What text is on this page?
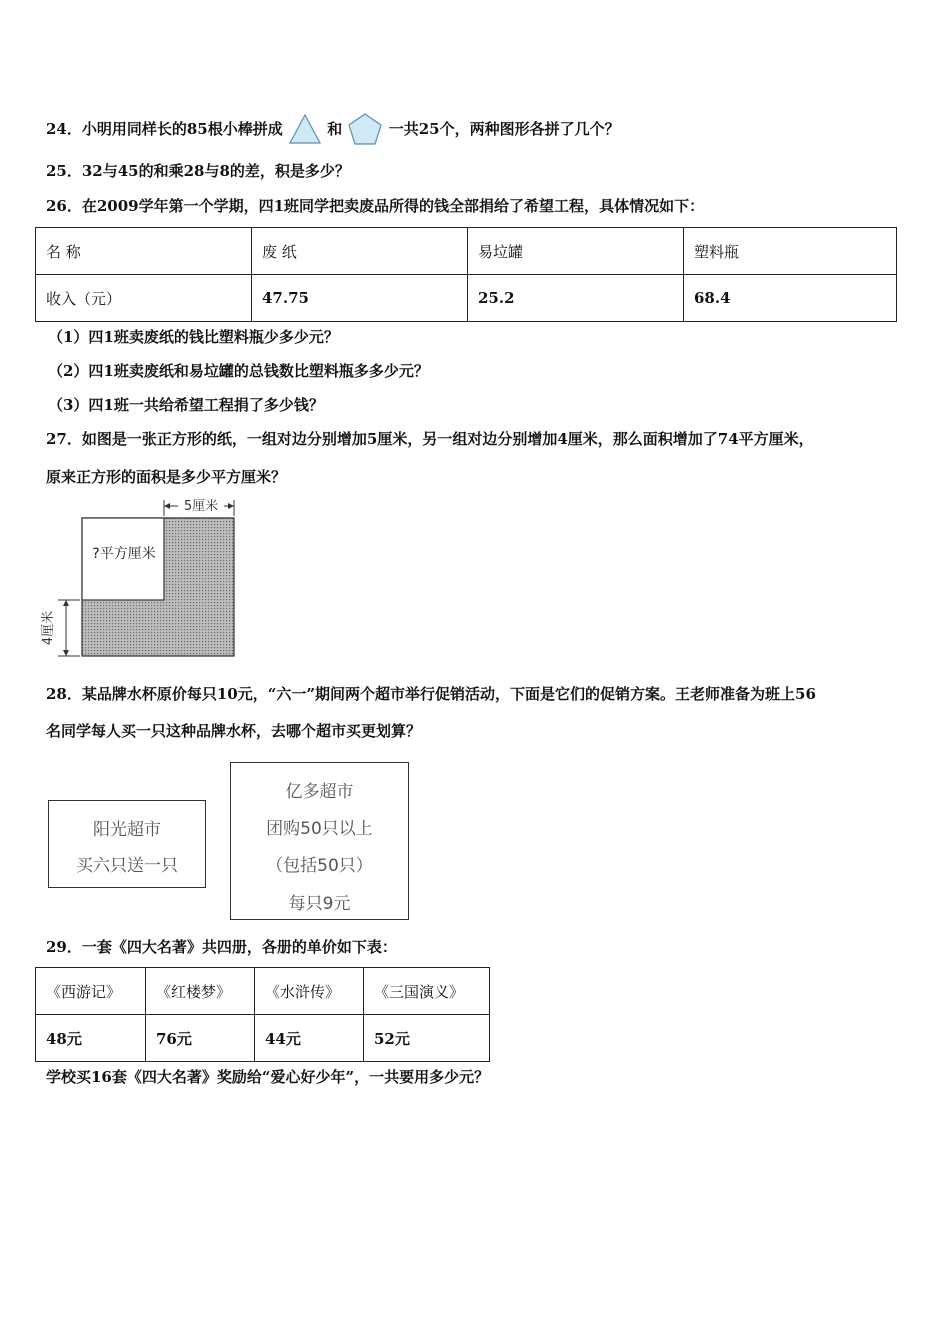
24．小明用同样长的85根小棒拼成	和	一共25个，两种图形各拼了几个？
25．32与45的和乘28与8的差，积是多少？
26．在2009学年第一个学期，四1班同学把卖废品所得的钱全部捐给了希望工程，具体情况如下：
名 称	废 纸	易垃罐	塑料瓶
收入（元）	47.75	25.2	68.4
（1）四1班卖废纸的钱比塑料瓶少多少元？
（2）四1班卖废纸和易垃罐的总钱数比塑料瓶多多少元？
（3）四1班一共给希望工程捐了多少钱？
27．如图是一张正方形的纸，一组对边分别增加5厘米，另一组对边分别增加4厘米，那么面积增加了74平方厘米，
原来正方形的面积是多少平方厘米？
5厘米
?平方厘米
4厘米
28．某品牌水杯原价每只10元，“六一”期间两个超市举行促销活动，下面是它们的促销方案。王老师准备为班上56
名同学每人买一只这种品牌水杯，去哪个超市买更划算？
阳光超市
买六只送一只
亿多超市
团购50只以上
（包括50只）
每只9元
29．一套《四大名著》共四册，各册的单价如下表：
《西游记》	《红楼梦》	《水浒传》	《三国演义》
48元	76元	44元	52元
学校买16套《四大名著》奖励给“爱心好少年”，一共要用多少元？
